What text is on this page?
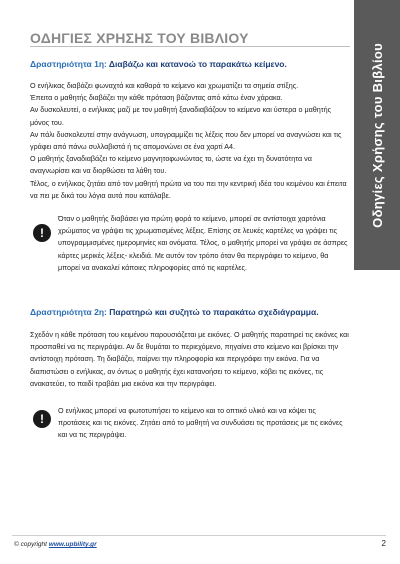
ΟΔΗΓΙΕΣ ΧΡΗΣΗΣ ΤΟΥ ΒΙΒΛΙΟΥ
Οδηγίες Χρήσης του Βιβλίου
Δραστηριότητα 1η: Διαβάζω και κατανοώ το παρακάτω κείμενο.

Ο ενήλικας διαβάζει φωναχτά και καθαρά το κείμενο και χρωματίζει τα σημεία στίξης.

Έπειτα ο μαθητής διαβάζει την κάθε πρόταση βάζοντας από κάτω έναν χάρακα.

Αν δυσκολευτεί, ο ενήλικας μαζί με τον μαθητή ξαναδιαβάζουν το κείμενο και ύστερα ο μαθητής μόνος του.

Αν πάλι δυσκολευτεί στην ανάγνωση, υπογραμμίζει τις λέξεις που δεν μπορεί να αναγνώσει και τις γράφει από πάνω συλλαβιστά ή τις απομονώνει σε ένα χαρτί Α4.

Ο μαθητής ξαναδιαβάζει το κείμενο μαγνητοφωνώντας το, ώστε να έχει τη δυνατότητα να αναγνωρίσει και να διορθώσει τα λάθη του.

Τέλος, ο ενήλικας ζητάει από τον μαθητή πρώτα να του πει την κεντρική ιδέα του κειμένου και έπειτα να πει με δικά του λόγια αυτά που κατάλαβε.

!
Όταν ο μαθητής διαβάσει για πρώτη φορά το κείμενο, μπορεί σε αντίστοιχα χαρτόνια χρώματος να γράψει τις χρωματισμένες λέξεις. Επίσης σε λευκές καρτέλες να γράψει τις υπογραμμισμένες ημερομηνίες και ονόματα. Τέλος, ο μαθητής μπορεί να γράψει σε άσπρες κάρτες μερικές λέξεις- κλειδιά. Με αυτόν τον τρόπο όταν θα περιγράφει το κείμενο, θα μπορεί να ανακαλεί κάποιες πληροφορίες από τις καρτέλες.
Δραστηριότητα 2η: Παρατηρώ και συζητώ το παρακάτω σχεδιάγραμμα.
Σχεδόν η κάθε πρόταση του κειμένου παρουσιάζεται με εικόνες. Ο μαθητής παρατηρεί τις εικόνες και προσπαθεί να τις περιγράψει. Αν δε θυμάται το περιεχόμενο, πηγαίνει στο κείμενο και βρίσκει την αντίστοιχη πρόταση. Τη διαβάζει, παίρνει την πληροφορία και περιγράφει την εικόνα. Για να διαπιστώσει ο ενήλικας, αν όντως ο μαθητής έχει κατανοήσει το κείμενο, κόβει τις εικόνες, τις ανακατεύει, το παιδί τραβάει μια εικόνα και την περιγράφει.
!
Ο ενήλικας μπορεί να φωτοτυπήσει το κείμενο και το οπτικό υλικό και να κόψει τις προτάσεις και τις εικόνες. Ζητάει από το μαθητή να συνδυάσει τις προτάσεις με τις εικόνες και να τις περιγράψει.
© copyright www.upbility.gr	2
